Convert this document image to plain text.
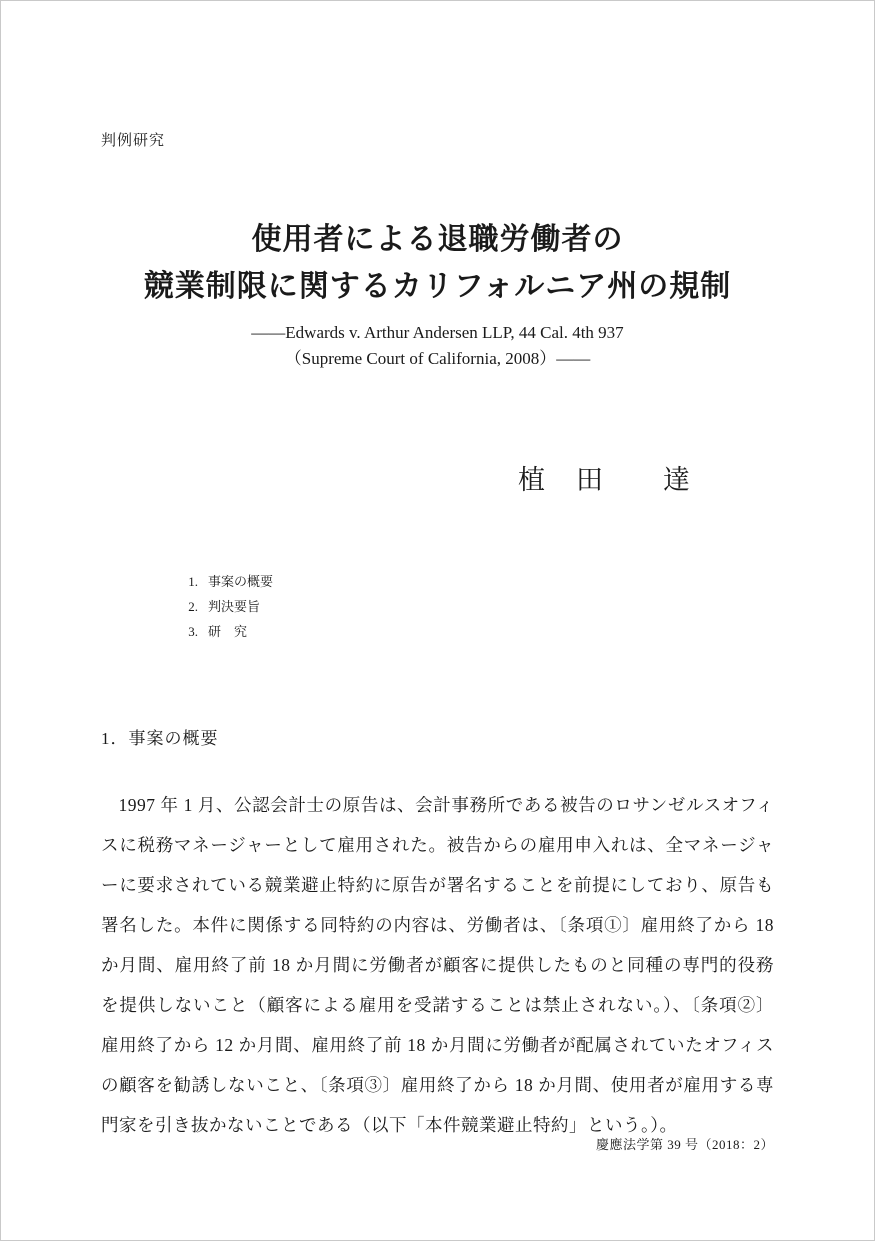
判例研究
使用者による退職労働者の
競業制限に関するカリフォルニア州の規制
——Edwards v. Arthur Andersen LLP, 44 Cal. 4th 937
（Supreme Court of California, 2008）——
植　田　　達
1. 事案の概要
2. 判決要旨
3. 研　究
1．事案の概要
1997 年 1 月、公認会計士の原告は、会計事務所である被告のロサンゼルスオフィスに税務マネージャーとして雇用された。被告からの雇用申入れは、全マネージャーに要求されている競業避止特約に原告が署名することを前提にしており、原告も署名した。本件に関係する同特約の内容は、労働者は、〔条項①〕雇用終了から 18 か月間、雇用終了前 18 か月間に労働者が顧客に提供したものと同種の専門的役務を提供しないこと（顧客による雇用を受諾することは禁止されない。）、〔条項②〕雇用終了から 12 か月間、雇用終了前 18 か月間に労働者が配属されていたオフィスの顧客を勧誘しないこと、〔条項③〕雇用終了から 18 か月間、使用者が雇用する専門家を引き抜かないことである（以下「本件競業避止特約」という。）。
慶應法学第 39 号（2018：2）
